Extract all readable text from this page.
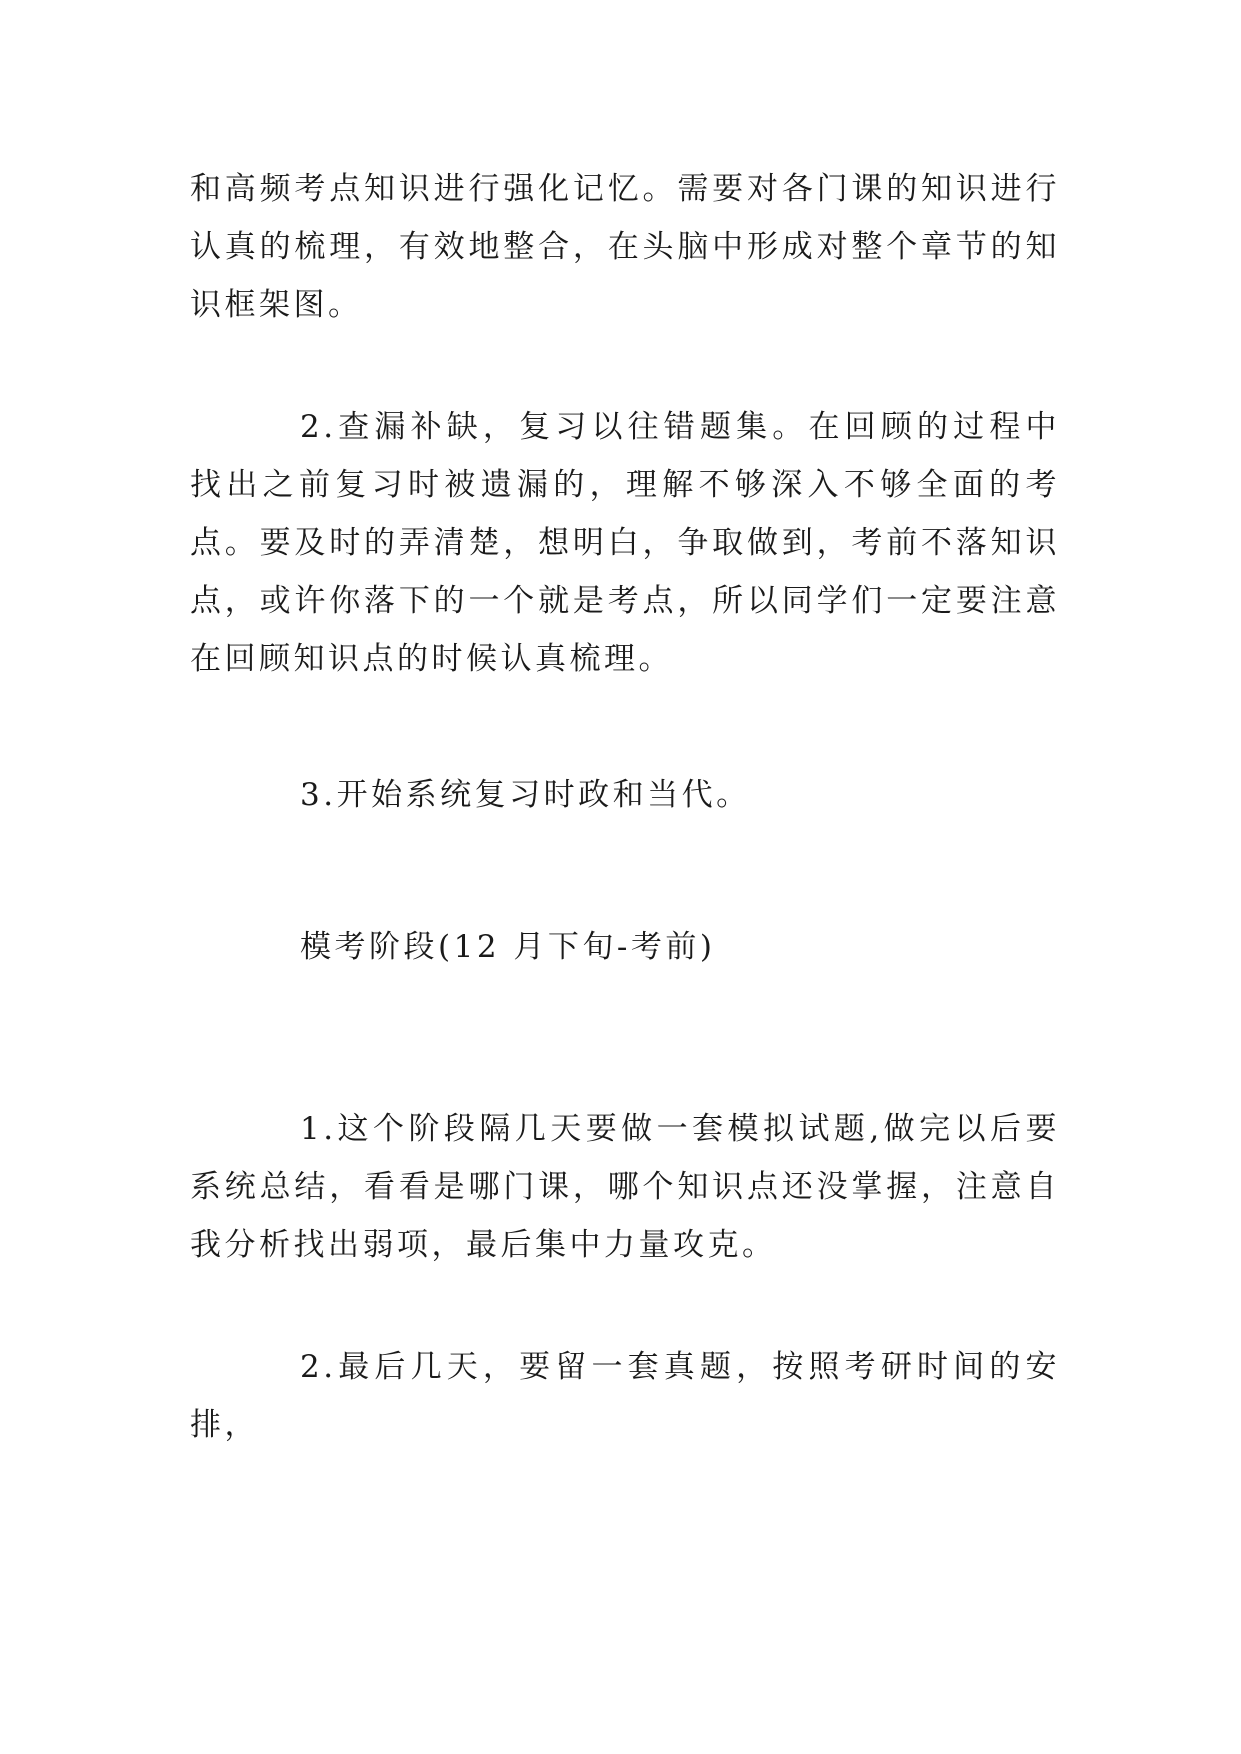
和高频考点知识进行强化记忆。需要对各门课的知识进行认真的梳理，有效地整合，在头脑中形成对整个章节的知识框架图。

2.查漏补缺，复习以往错题集。在回顾的过程中找出之前复习时被遗漏的，理解不够深入不够全面的考点。要及时的弄清楚，想明白，争取做到，考前不落知识点，或许你落下的一个就是考点，所以同学们一定要注意在回顾知识点的时候认真梳理。

3.开始系统复习时政和当代。

模考阶段(12 月下旬-考前)

1.这个阶段隔几天要做一套模拟试题,做完以后要系统总结，看看是哪门课，哪个知识点还没掌握，注意自我分析找出弱项，最后集中力量攻克。

2.最后几天，要留一套真题，按照考研时间的安排，
